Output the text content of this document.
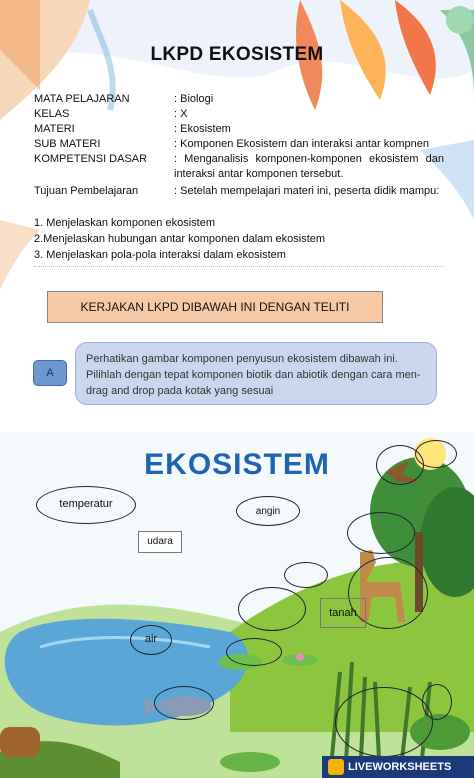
LKPD EKOSISTEM
MATA PELAJARAN	: Biologi
KELAS	: X
MATERI	: Ekosistem
SUB MATERI	: Komponen Ekosistem dan interaksi antar kompnen
KOMPETENSI DASAR : Menganalisis komponen-komponen ekosistem dan interaksi antar komponen tersebut.
Tujuan Pembelajaran	: Setelah mempelajari materi ini, peserta didik mampu:
1. Menjelaskan komponen ekosistem
2.Menjelaskan hubungan antar komponen dalam ekosistem
3. Menjelaskan pola-pola interaksi dalam ekosistem
KERJAKAN LKPD DIBAWAH INI DENGAN TELITI
A
Perhatikan gambar komponen penyusun ekosistem dibawah ini. Pilihlah dengan tepat komponen biotik dan abiotik dengan cara men-drag and drop pada kotak yang sesuai
EKOSISTEM
temperatur
angin
udara
tanah
air
LIVEWORKSHEETS
